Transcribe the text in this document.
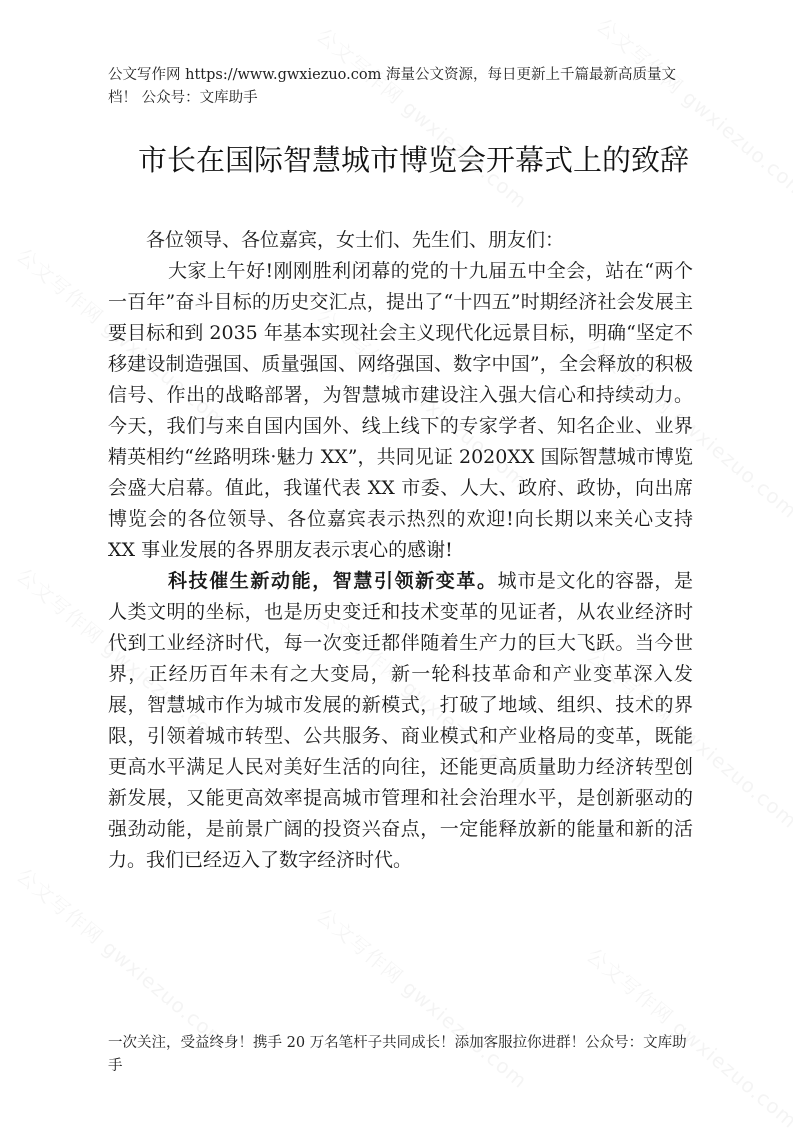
公文写作网 https://www.gwxiezuo.com 海量公文资源，每日更新上千篇最新高质量文档！ 公众号：文库助手
市长在国际智慧城市博览会开幕式上的致辞

各位领导、各位嘉宾，女士们、先生们、朋友们：

大家上午好!刚刚胜利闭幕的党的十九届五中全会，站在“两个一百年”奋斗目标的历史交汇点，提出了“十四五”时期经济社会发展主要目标和到 2035 年基本实现社会主义现代化远景目标，明确“坚定不移建设制造强国、质量强国、网络强国、数字中国”，全会释放的积极信号、作出的战略部署，为智慧城市建设注入强大信心和持续动力。今天，我们与来自国内国外、线上线下的专家学者、知名企业、业界精英相约“丝路明珠·魅力 XX”，共同见证 2020XX 国际智慧城市博览会盛大启幕。值此，我谨代表 XX 市委、人大、政府、政协，向出席博览会的各位领导、各位嘉宾表示热烈的欢迎!向长期以来关心支持XX 事业发展的各界朋友表示衷心的感谢!

科技催生新动能，智慧引领新变革。城市是文化的容器，是人类文明的坐标，也是历史变迁和技术变革的见证者，从农业经济时代到工业经济时代，每一次变迁都伴随着生产力的巨大飞跃。当今世界，正经历百年未有之大变局，新一轮科技革命和产业变革深入发展，智慧城市作为城市发展的新模式，打破了地域、组织、技术的界限，引领着城市转型、公共服务、商业模式和产业格局的变革，既能更高水平满足人民对美好生活的向往，还能更高质量助力经济转型创新发展，又能更高效率提高城市管理和社会治理水平，是创新驱动的强劲动能，是前景广阔的投资兴奋点，一定能释放新的能量和新的活力。我们已经迈入了数字经济时代。

一次关注，受益终身！携手 20 万名笔杆子共同成长！添加客服拉你进群！公众号：文库助手
